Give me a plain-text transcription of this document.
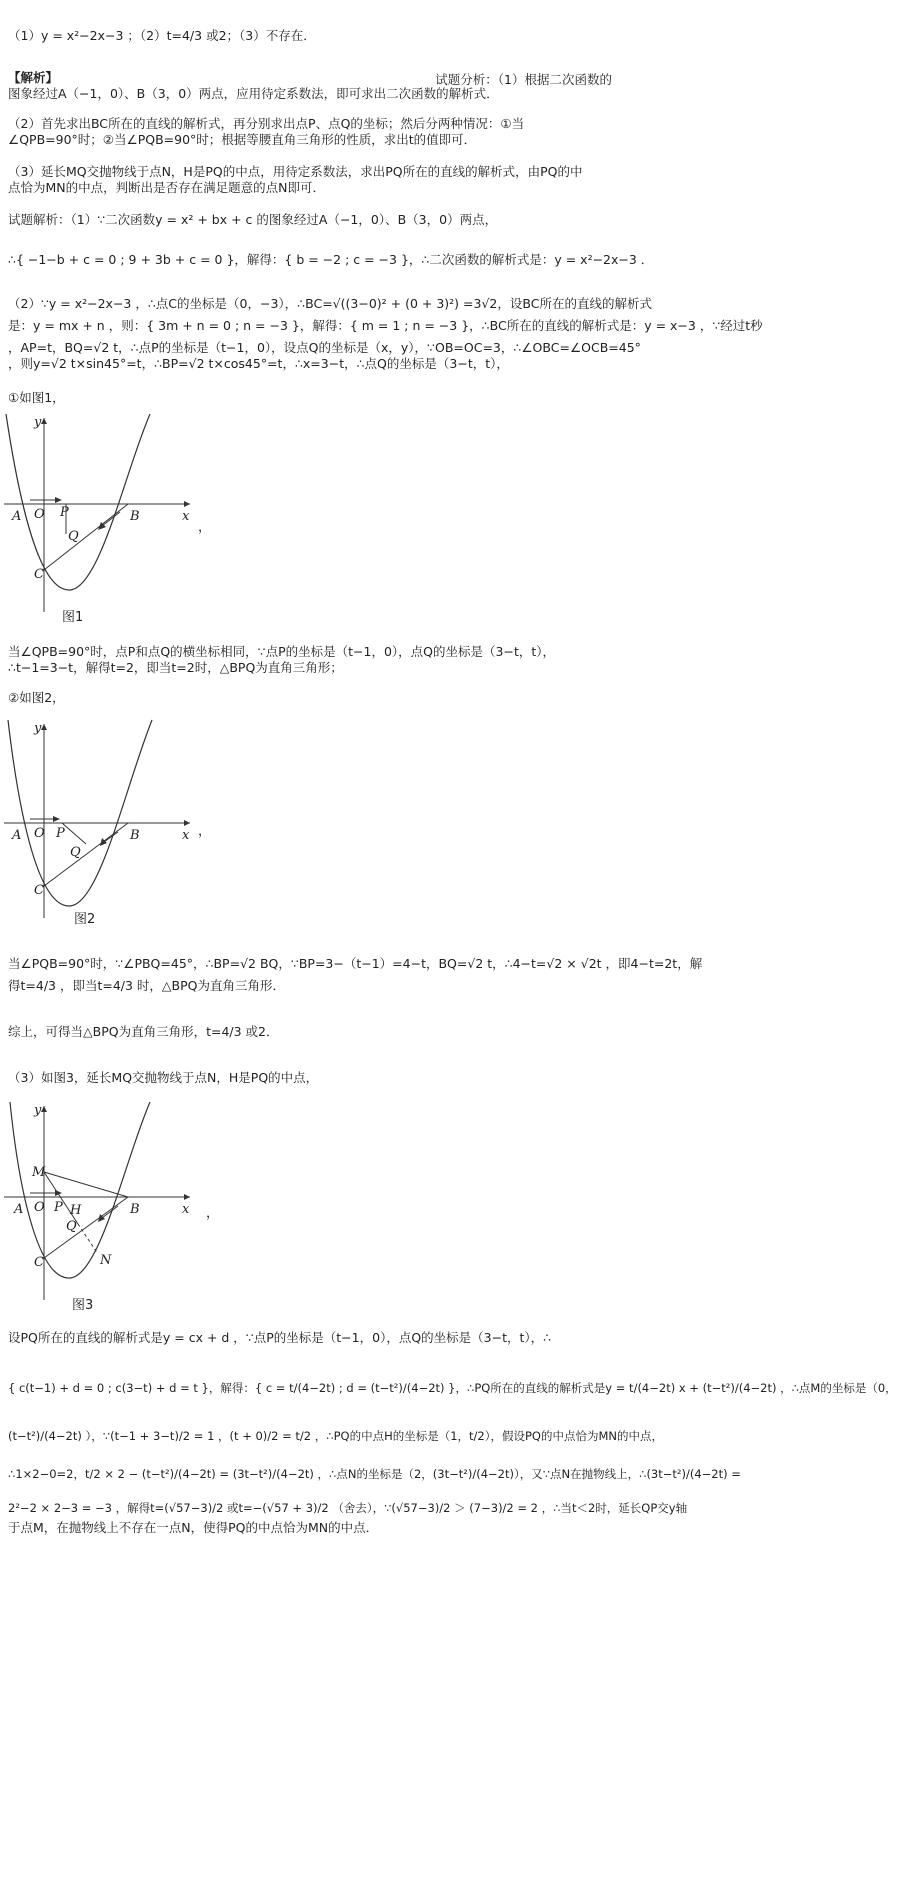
（1）y = x²−2x−3 ；（2）t=4/3 或2；（3）不存在．
【解析】	试题分析：（1）根据二次函数的
图象经过A（−1，0）、B（3，0）两点，应用待定系数法，即可求出二次函数的解析式．
（2）首先求出BC所在的直线的解析式，再分别求出点P、点Q的坐标；然后分两种情况：①当
∠QPB=90°时；②当∠PQB=90°时；根据等腰直角三角形的性质，求出t的值即可．
（3）延长MQ交抛物线于点N，H是PQ的中点，用待定系数法，求出PQ所在的直线的解析式，由PQ的中
点恰为MN的中点，判断出是否存在满足题意的点N即可．
试题解析：（1）∵二次函数y = x² + bx + c 的图象经过A（−1，0）、B（3，0）两点，
∴{ −1−b + c = 0 ; 9 + 3b + c = 0 }，解得：{ b = −2 ; c = −3 }，∴二次函数的解析式是：y = x²−2x−3 ．
（2）∵y = x²−2x−3 ，∴点C的坐标是（0，−3），∴BC=√((3−0)² + (0 + 3)²) =3√2，设BC所在的直线的解析式
是：y = mx + n ，则：{ 3m + n = 0 ; n = −3 }，解得：{ m = 1 ; n = −3 }，∴BC所在的直线的解析式是：y = x−3 ，∵经过t秒
，AP=t，BQ=√2 t，∴点P的坐标是（t−1，0），设点Q的坐标是（x，y），∵OB=OC=3，∴∠OBC=∠OCB=45°
，则y=√2 t×sin45°=t，∴BP=√2 t×cos45°=t，∴x=3−t，∴点Q的坐标是（3−t，t），
①如图1，
y
x
A O P	B
Q
C
，
图1
当∠QPB=90°时，点P和点Q的横坐标相同，∵点P的坐标是（t−1，0），点Q的坐标是（3−t，t），
∴t−1=3−t，解得t=2，即当t=2时，△BPQ为直角三角形；
②如图2，
y
x
A O P	B
Q
C
，
图2
当∠PQB=90°时，∵∠PBQ=45°，∴BP=√2 BQ，∵BP=3−（t−1）=4−t，BQ=√2 t，∴4−t=√2 × √2t ，即4−t=2t，解
得t=4/3 ，即当t=4/3 时，△BPQ为直角三角形．
综上，可得当△BPQ为直角三角形，t=4/3 或2．
（3）如图3，延长MQ交抛物线于点N，H是PQ的中点，
y
x
M
A O P H	B
Q
C	N
，
图3
设PQ所在的直线的解析式是y = cx + d ，∵点P的坐标是（t−1，0），点Q的坐标是（3−t，t），∴
{ c(t−1) + d = 0 ; c(3−t) + d = t }，解得：{ c = t/(4−2t) ; d = (t−t²)/(4−2t) }，∴PQ所在的直线的解析式是y = t/(4−2t) x + (t−t²)/(4−2t) ，∴点M的坐标是（0，
(t−t²)/(4−2t) ），∵(t−1 + 3−t)/2 = 1 ，(t + 0)/2 = t/2 ，∴PQ的中点H的坐标是（1，t/2），假设PQ的中点恰为MN的中点，
∴1×2−0=2，t/2 × 2 − (t−t²)/(4−2t) = (3t−t²)/(4−2t) ，∴点N的坐标是（2，(3t−t²)/(4−2t)），又∵点N在抛物线上，∴(3t−t²)/(4−2t) =
2²−2 × 2−3 = −3 ，解得t=(√57−3)/2 或t=−(√57 + 3)/2 （舍去），∵(√57−3)/2 ＞ (7−3)/2 = 2 ，∴当t＜2时，延长QP交y轴
于点M，在抛物线上不存在一点N，使得PQ的中点恰为MN的中点．
